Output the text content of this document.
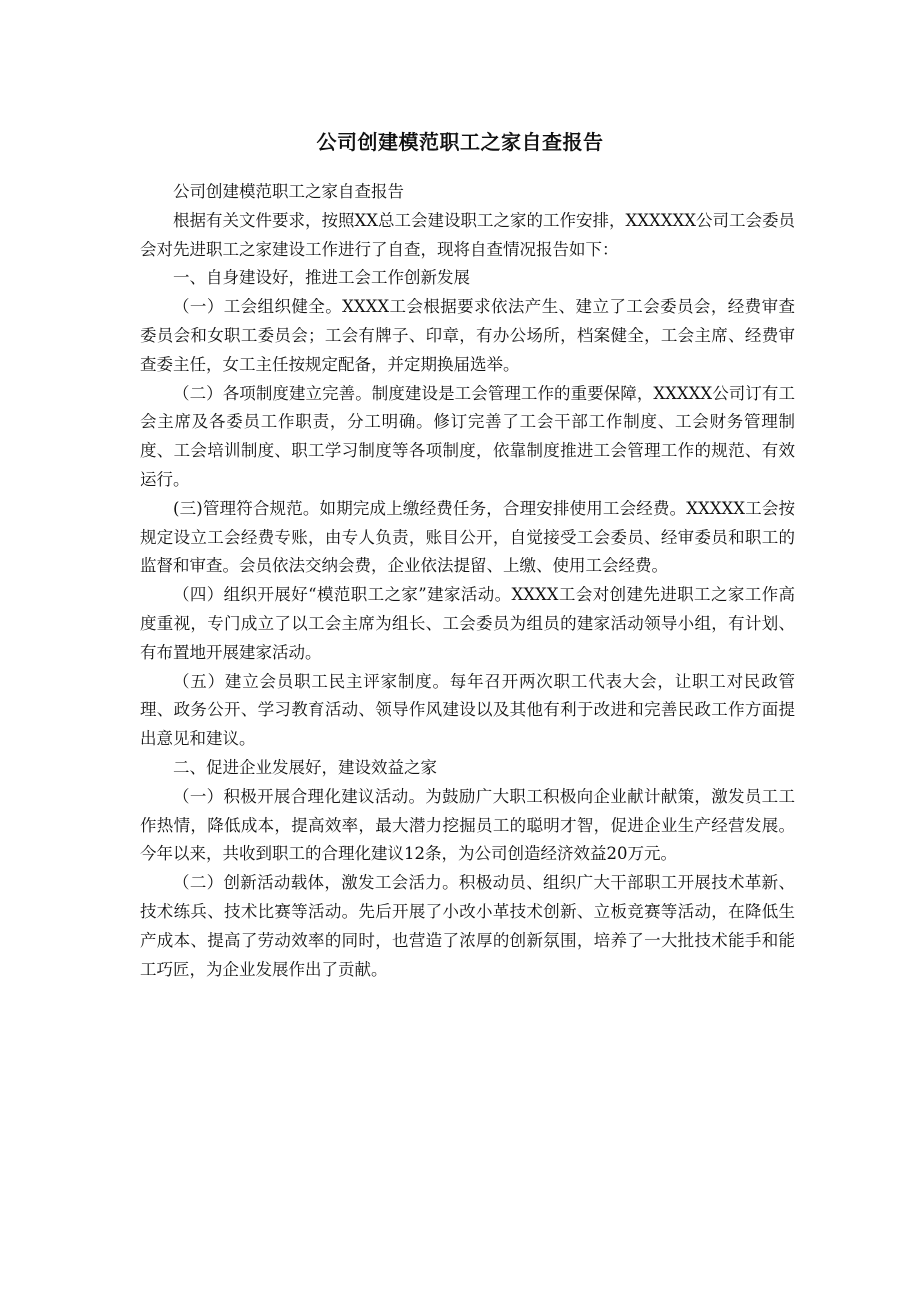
公司创建模范职工之家自查报告

公司创建模范职工之家自查报告

根据有关文件要求，按照XX总工会建设职工之家的工作安排，XXXXXX公司工会委员会对先进职工之家建设工作进行了自查，现将自查情况报告如下：

一、自身建设好，推进工会工作创新发展

（一）工会组织健全。XXXX工会根据要求依法产生、建立了工会委员会，经费审查委员会和女职工委员会；工会有牌子、印章，有办公场所，档案健全，工会主席、经费审查委主任，女工主任按规定配备，并定期换届选举。

（二）各项制度建立完善。制度建设是工会管理工作的重要保障，XXXXX公司订有工会主席及各委员工作职责，分工明确。修订完善了工会干部工作制度、工会财务管理制度、工会培训制度、职工学习制度等各项制度，依靠制度推进工会管理工作的规范、有效运行。

(三)管理符合规范。如期完成上缴经费任务，合理安排使用工会经费。XXXXX工会按规定设立工会经费专账，由专人负责，账目公开，自觉接受工会委员、经审委员和职工的监督和审查。会员依法交纳会费，企业依法提留、上缴、使用工会经费。

（四）组织开展好“模范职工之家”建家活动。XXXX工会对创建先进职工之家工作高度重视，专门成立了以工会主席为组长、工会委员为组员的建家活动领导小组，有计划、有布置地开展建家活动。

（五）建立会员职工民主评家制度。每年召开两次职工代表大会，让职工对民政管理、政务公开、学习教育活动、领导作风建设以及其他有利于改进和完善民政工作方面提出意见和建议。

二、促进企业发展好，建设效益之家

（一）积极开展合理化建议活动。为鼓励广大职工积极向企业献计献策，激发员工工作热情，降低成本，提高效率，最大潜力挖掘员工的聪明才智，促进企业生产经营发展。今年以来，共收到职工的合理化建议12条，为公司创造经济效益20万元。

（二）创新活动载体，激发工会活力。积极动员、组织广大干部职工开展技术革新、技术练兵、技术比赛等活动。先后开展了小改小革技术创新、立板竞赛等活动，在降低生产成本、提高了劳动效率的同时，也营造了浓厚的创新氛围，培养了一大批技术能手和能工巧匠，为企业发展作出了贡献。
